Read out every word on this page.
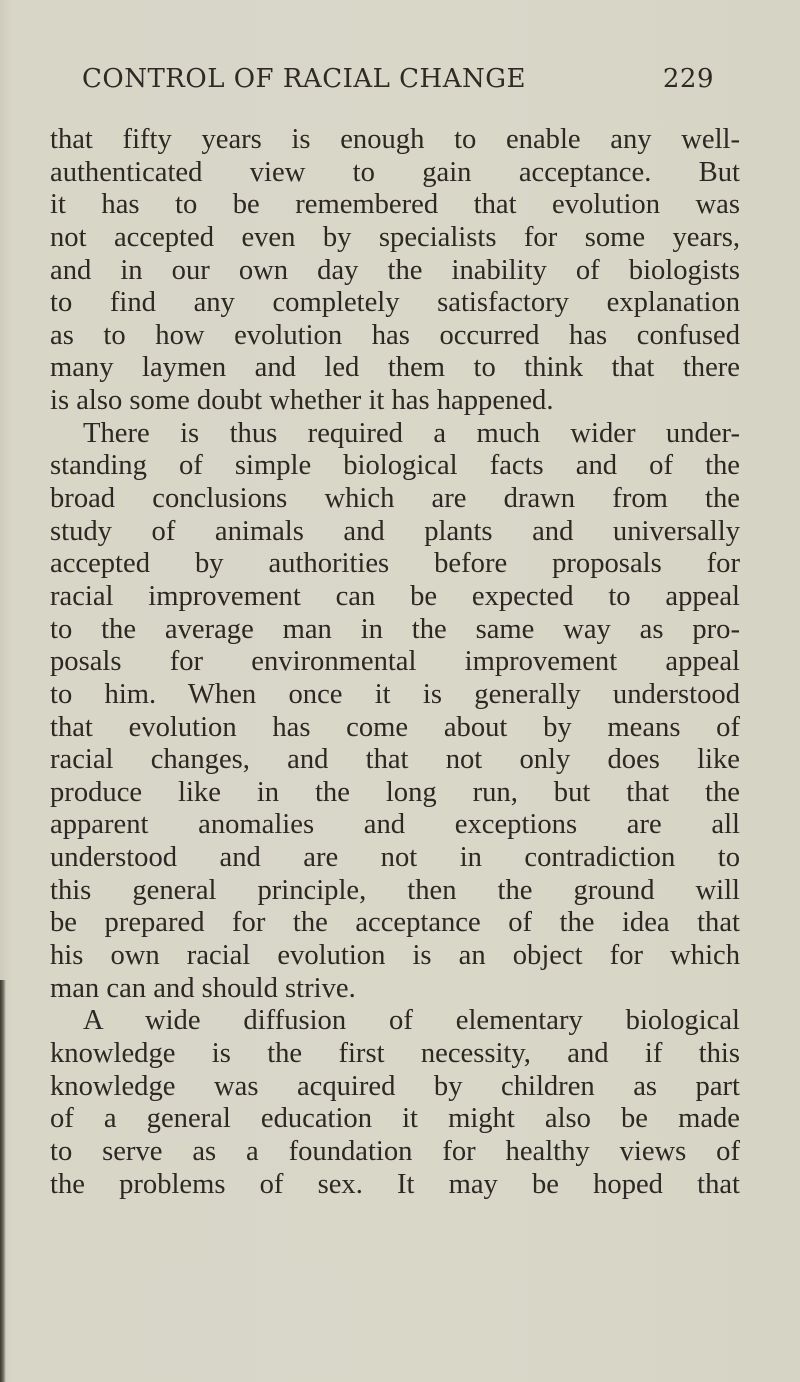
CONTROL OF RACIAL CHANGE	229
that fifty years is enough to enable any well-
authenticated view to gain acceptance. But
it has to be remembered that evolution was
not accepted even by specialists for some years,
and in our own day the inability of biologists
to find any completely satisfactory explanation
as to how evolution has occurred has confused
many laymen and led them to think that there
is also some doubt whether it has happened.
There is thus required a much wider under-
standing of simple biological facts and of the
broad conclusions which are drawn from the
study of animals and plants and universally
accepted by authorities before proposals for
racial improvement can be expected to appeal
to the average man in the same way as pro-
posals for environmental improvement appeal
to him. When once it is generally understood
that evolution has come about by means of
racial changes, and that not only does like
produce like in the long run, but that the
apparent anomalies and exceptions are all
understood and are not in contradiction to
this general principle, then the ground will
be prepared for the acceptance of the idea that
his own racial evolution is an object for which
man can and should strive.
A wide diffusion of elementary biological
knowledge is the first necessity, and if this
knowledge was acquired by children as part
of a general education it might also be made
to serve as a foundation for healthy views of
the problems of sex. It may be hoped that
